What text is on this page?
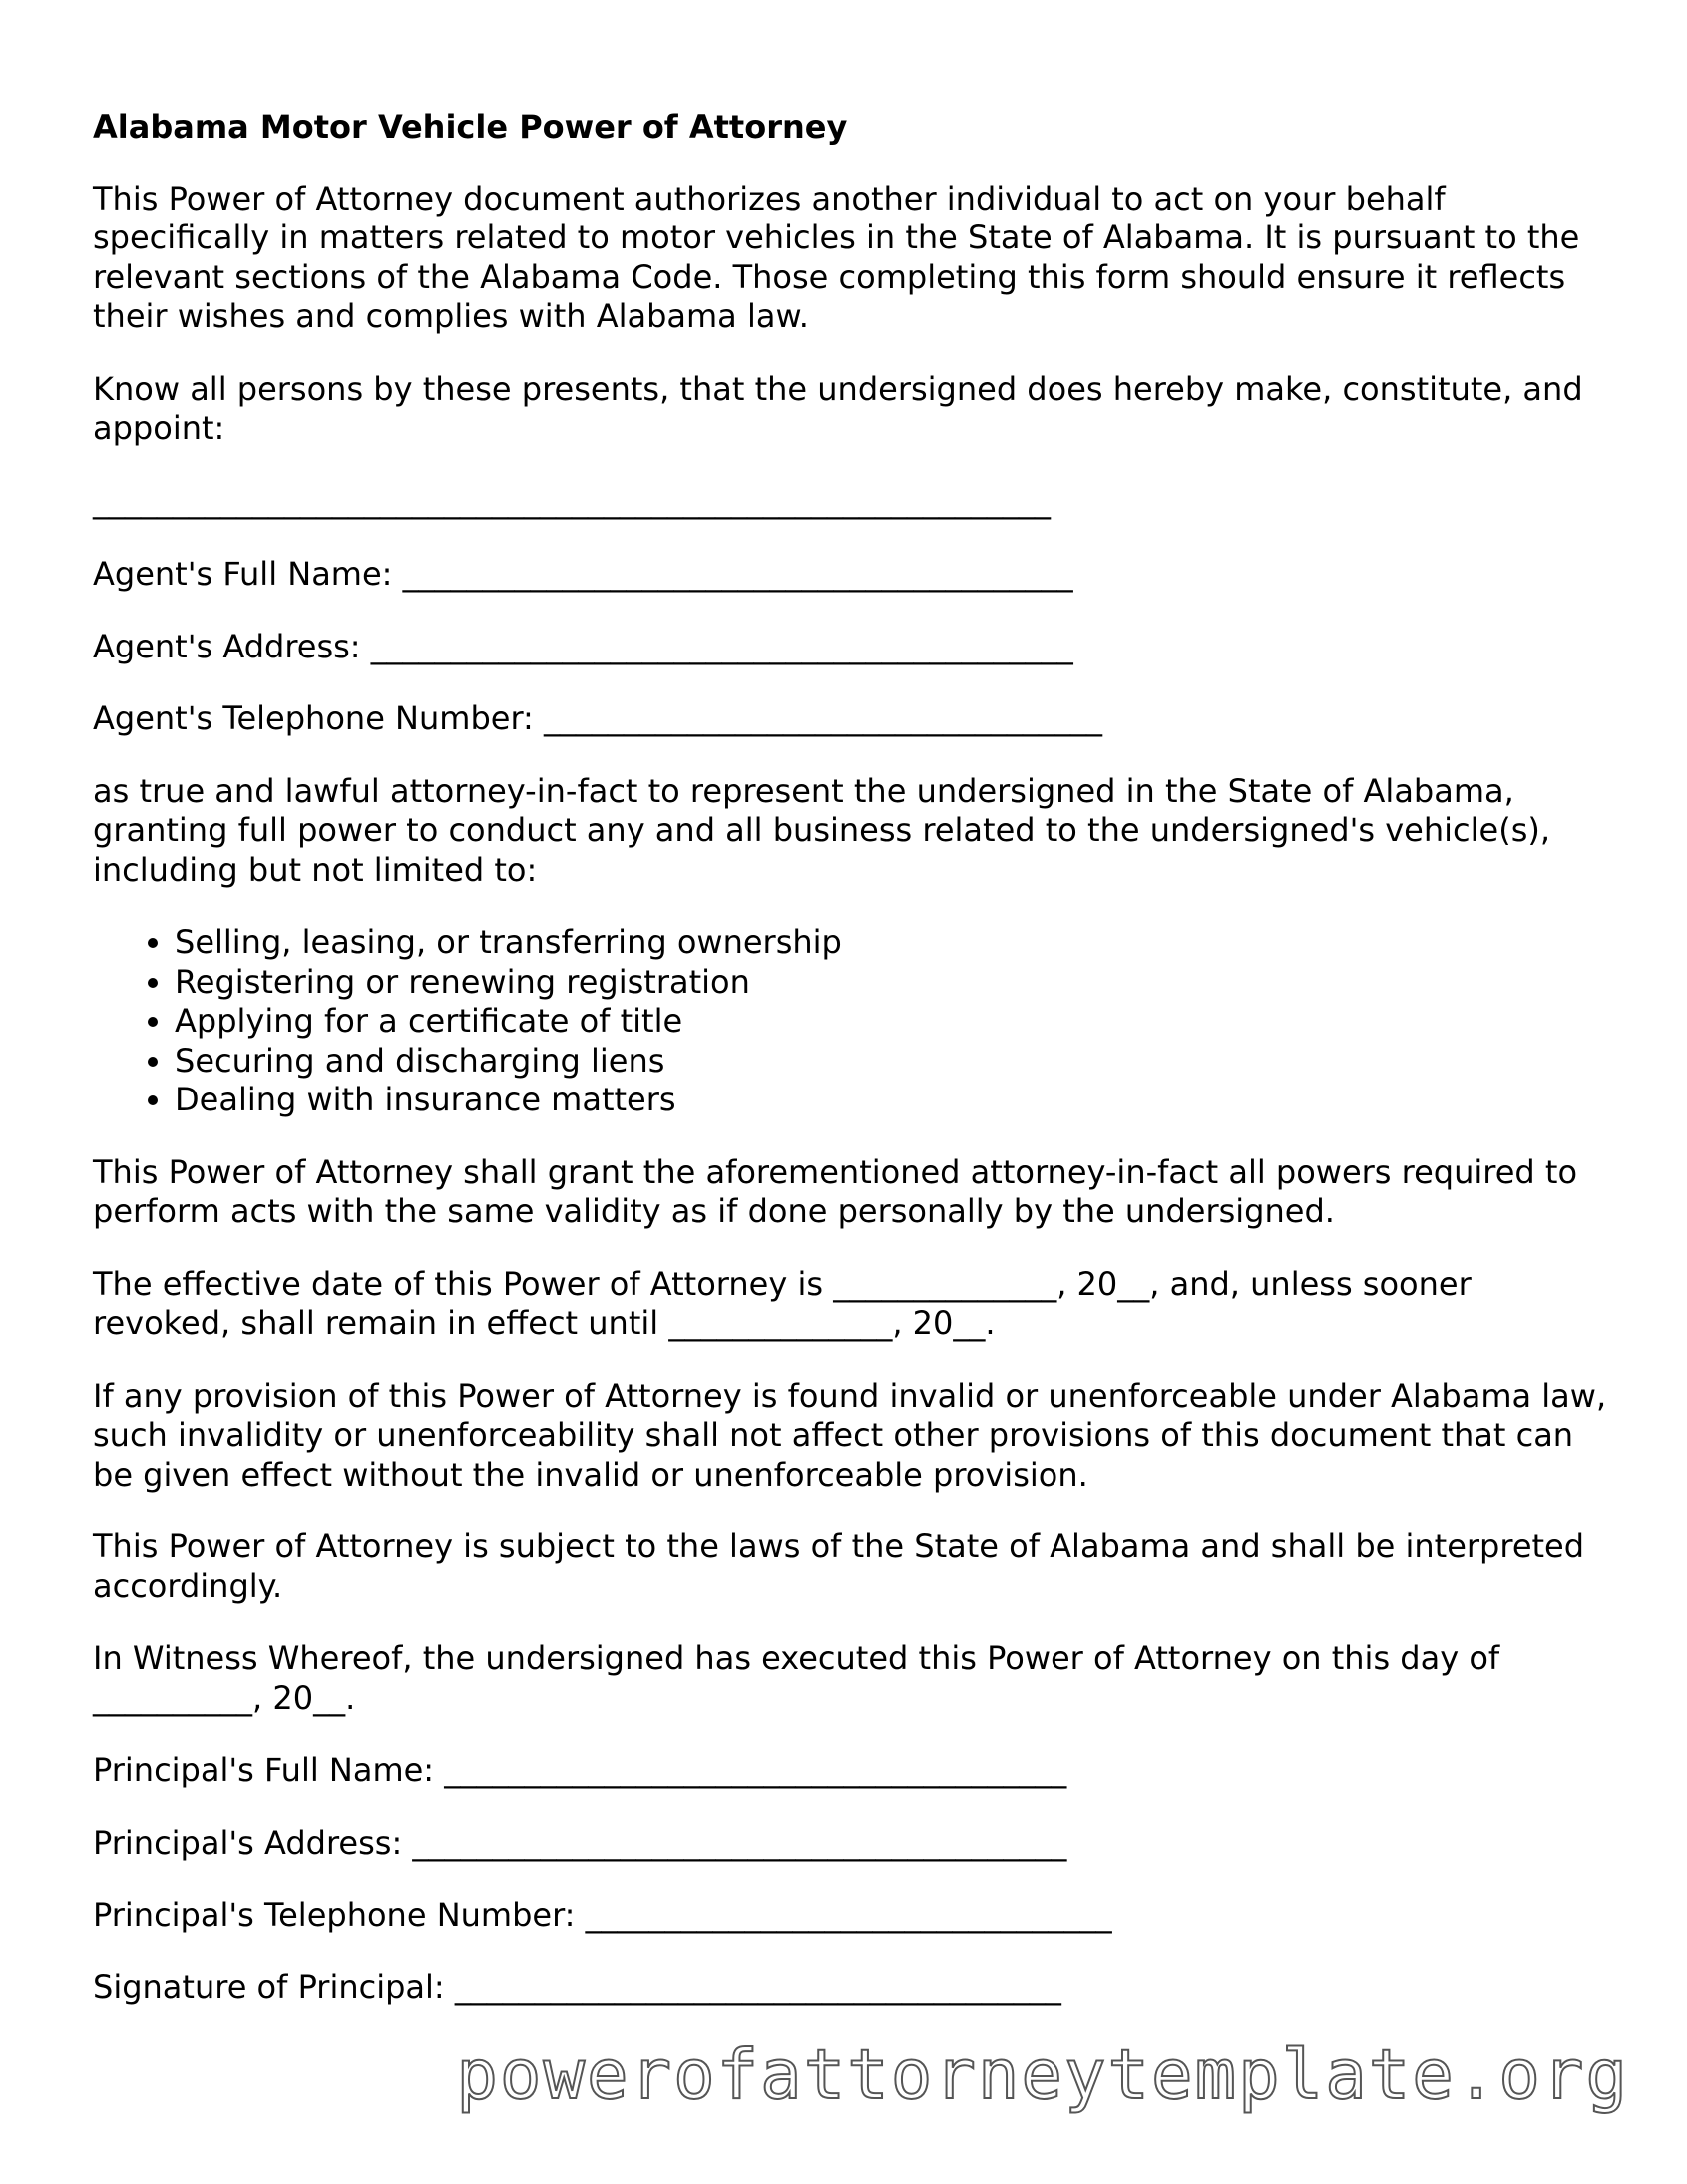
Alabama Motor Vehicle Power of Attorney

This Power of Attorney document authorizes another individual to act on your behalf specifically in matters related to motor vehicles in the State of Alabama. It is pursuant to the relevant sections of the Alabama Code. Those completing this form should ensure it reflects their wishes and complies with Alabama law.

Know all persons by these presents, that the undersigned does hereby make, constitute, and appoint:

____________________________________________________________
Agent's Full Name: __________________________________________
Agent's Address: ____________________________________________
Agent's Telephone Number: ___________________________________

as true and lawful attorney-in-fact to represent the undersigned in the State of Alabama, granting full power to conduct any and all business related to the undersigned's vehicle(s), including but not limited to:

• Selling, leasing, or transferring ownership
• Registering or renewing registration
• Applying for a certificate of title
• Securing and discharging liens
• Dealing with insurance matters

This Power of Attorney shall grant the aforementioned attorney-in-fact all powers required to perform acts with the same validity as if done personally by the undersigned.

The effective date of this Power of Attorney is ______________, 20__, and, unless sooner revoked, shall remain in effect until ______________, 20__.

If any provision of this Power of Attorney is found invalid or unenforceable under Alabama law, such invalidity or unenforceability shall not affect other provisions of this document that can be given effect without the invalid or unenforceable provision.

This Power of Attorney is subject to the laws of the State of Alabama and shall be interpreted accordingly.

In Witness Whereof, the undersigned has executed this Power of Attorney on this day of __________, 20__.

Principal's Full Name: _______________________________________
Principal's Address: _________________________________________
Principal's Telephone Number: _________________________________
Signature of Principal: ______________________________________
powerofattorneytemplate.org
